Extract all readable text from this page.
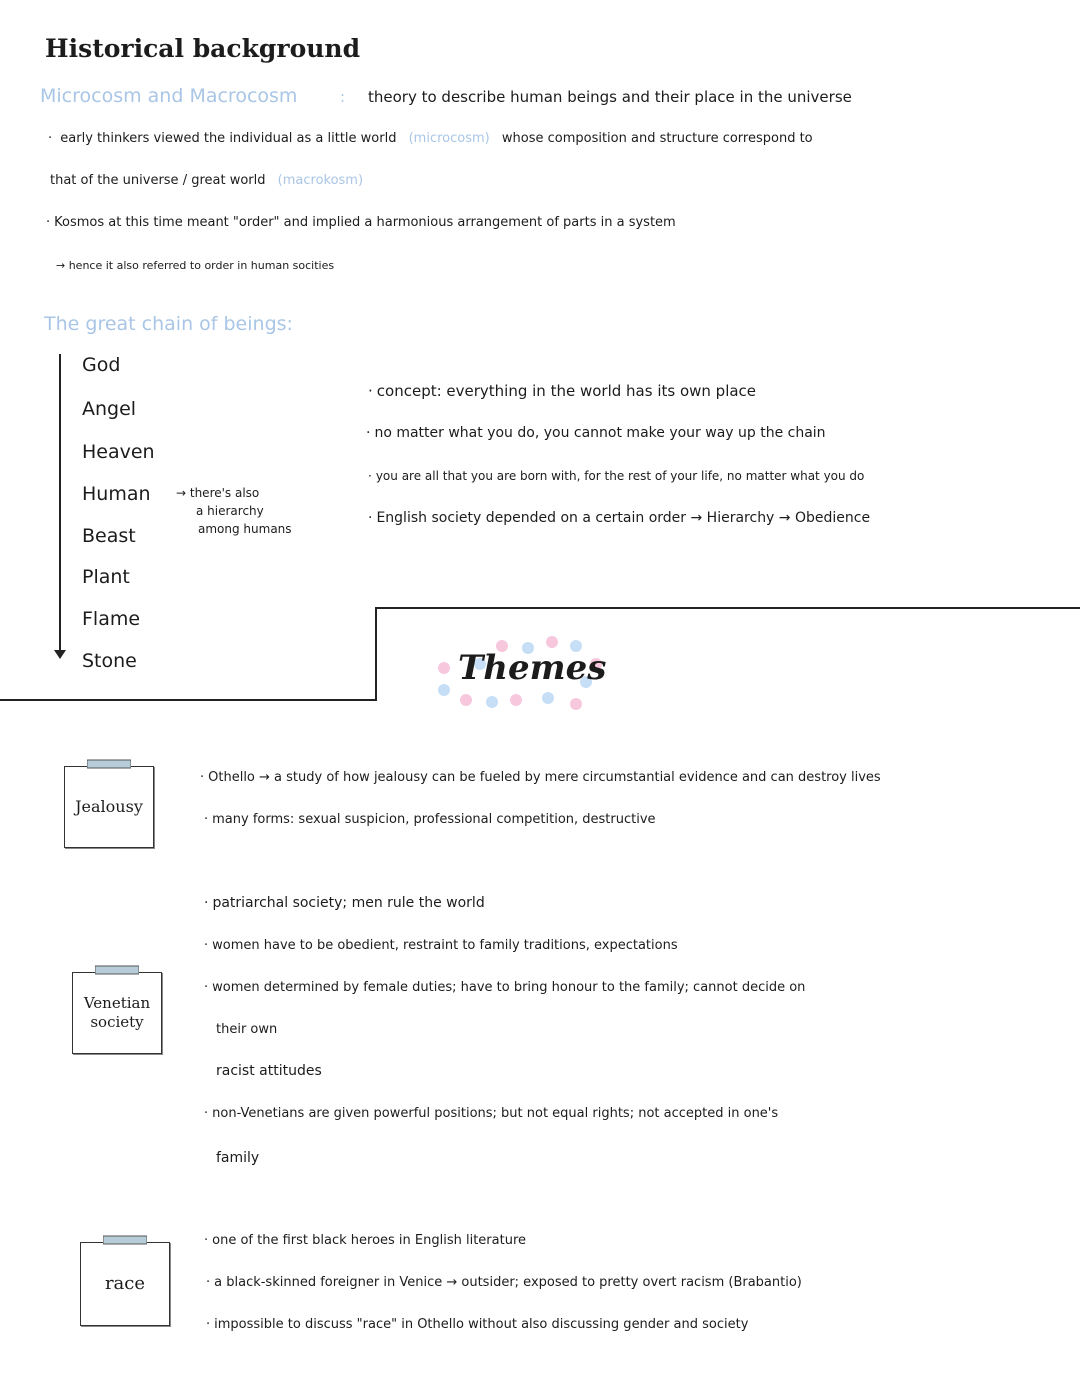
Historical background
Microcosm and Macrocosm	: theory to describe human beings and their place in the universe
· early thinkers viewed the individual as a little world (microcosm) whose composition and structure correspond to
that of the universe / great world (macrokosm)
· Kosmos at this time meant "order" and implied a harmonious arrangement of parts in a system
→ hence it also referred to order in human socities
The great chain of beings:
God
Angel
Heaven
Human
Beast
Plant
Flame
Stone
→ there's also
a hierarchy
among humans
· concept: everything in the world has its own place
· no matter what you do, you cannot make your way up the chain
· you are all that you are born with, for the rest of your life, no matter what you do
· English society depended on a certain order → Hierarchy → Obedience
Themes
Jealousy
· Othello → a study of how jealousy can be fueled by mere circumstantial evidence and can destroy lives
· many forms: sexual suspicion, professional competition, destructive
Venetian
society
· patriarchal society; men rule the world
· women have to be obedient, restraint to family traditions, expectations
· women determined by female duties; have to bring honour to the family; cannot decide on
their own
racist attitudes
· non-Venetians are given powerful positions; but not equal rights; not accepted in one's
family
race
· one of the first black heroes in English literature
· a black-skinned foreigner in Venice → outsider; exposed to pretty overt racism (Brabantio)
· impossible to discuss "race" in Othello without also discussing gender and society
